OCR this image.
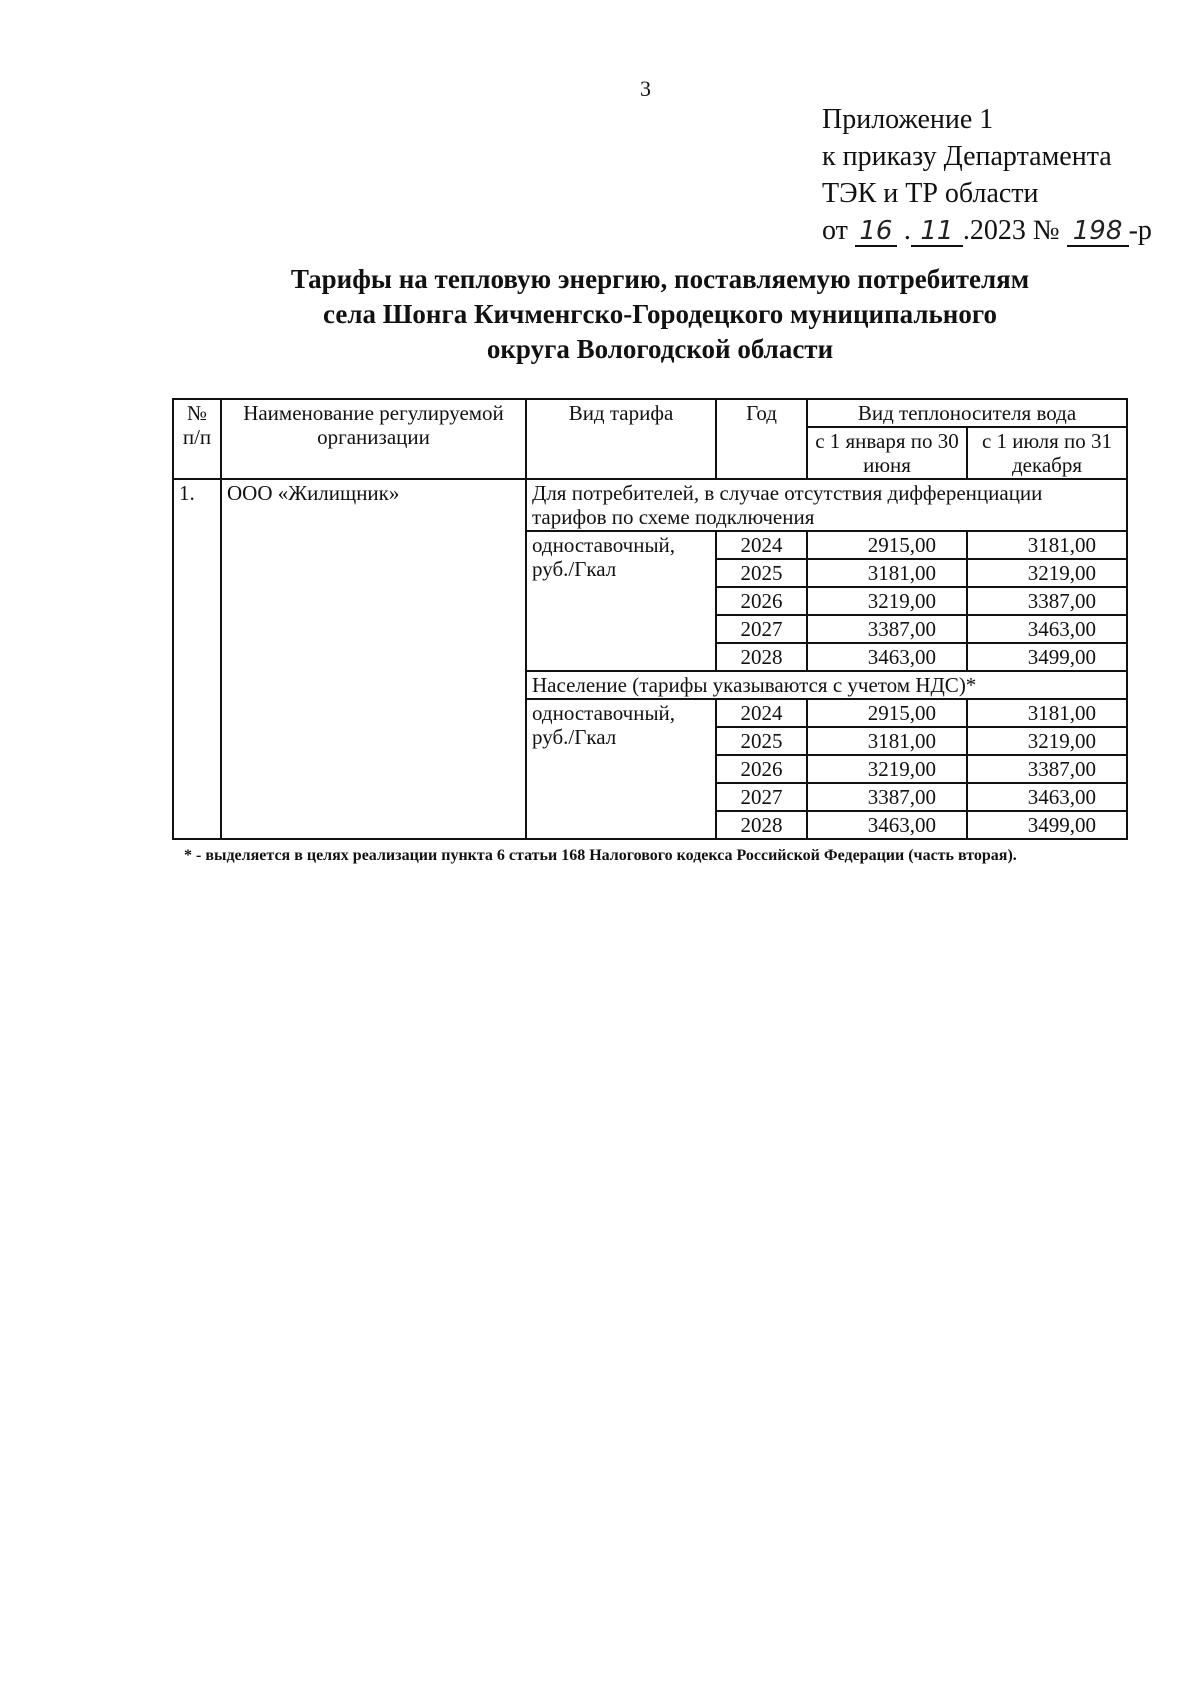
3
Приложение 1
к приказу Департамента
ТЭК и ТР области
от 16 . 11 .2023 № 198 -р
Тарифы на тепловую энергию, поставляемую потребителям
села Шонга Кичменгско-Городецкого муниципального
округа Вологодской области
№ п/п	Наименование регулируемой организации	Вид тарифа	Год	Вид теплоносителя вода	
				с 1 января по 30 июня	с 1 июля по 31 декабря
1.	ООО «Жилищник»	Для потребителей, в случае отсутствия дифференциации тарифов по схеме подключения			
		одноставочный, руб./Гкал	2024	2915,00	3181,00
			2025	3181,00	3219,00
			2026	3219,00	3387,00
			2027	3387,00	3463,00
			2028	3463,00	3499,00
		Население (тарифы указываются с учетом НДС)*			
		одноставочный, руб./Гкал	2024	2915,00	3181,00
			2025	3181,00	3219,00
			2026	3219,00	3387,00
			2027	3387,00	3463,00
			2028	3463,00	3499,00
* - выделяется в целях реализации пункта 6 статьи 168 Налогового кодекса Российской Федерации (часть вторая).
